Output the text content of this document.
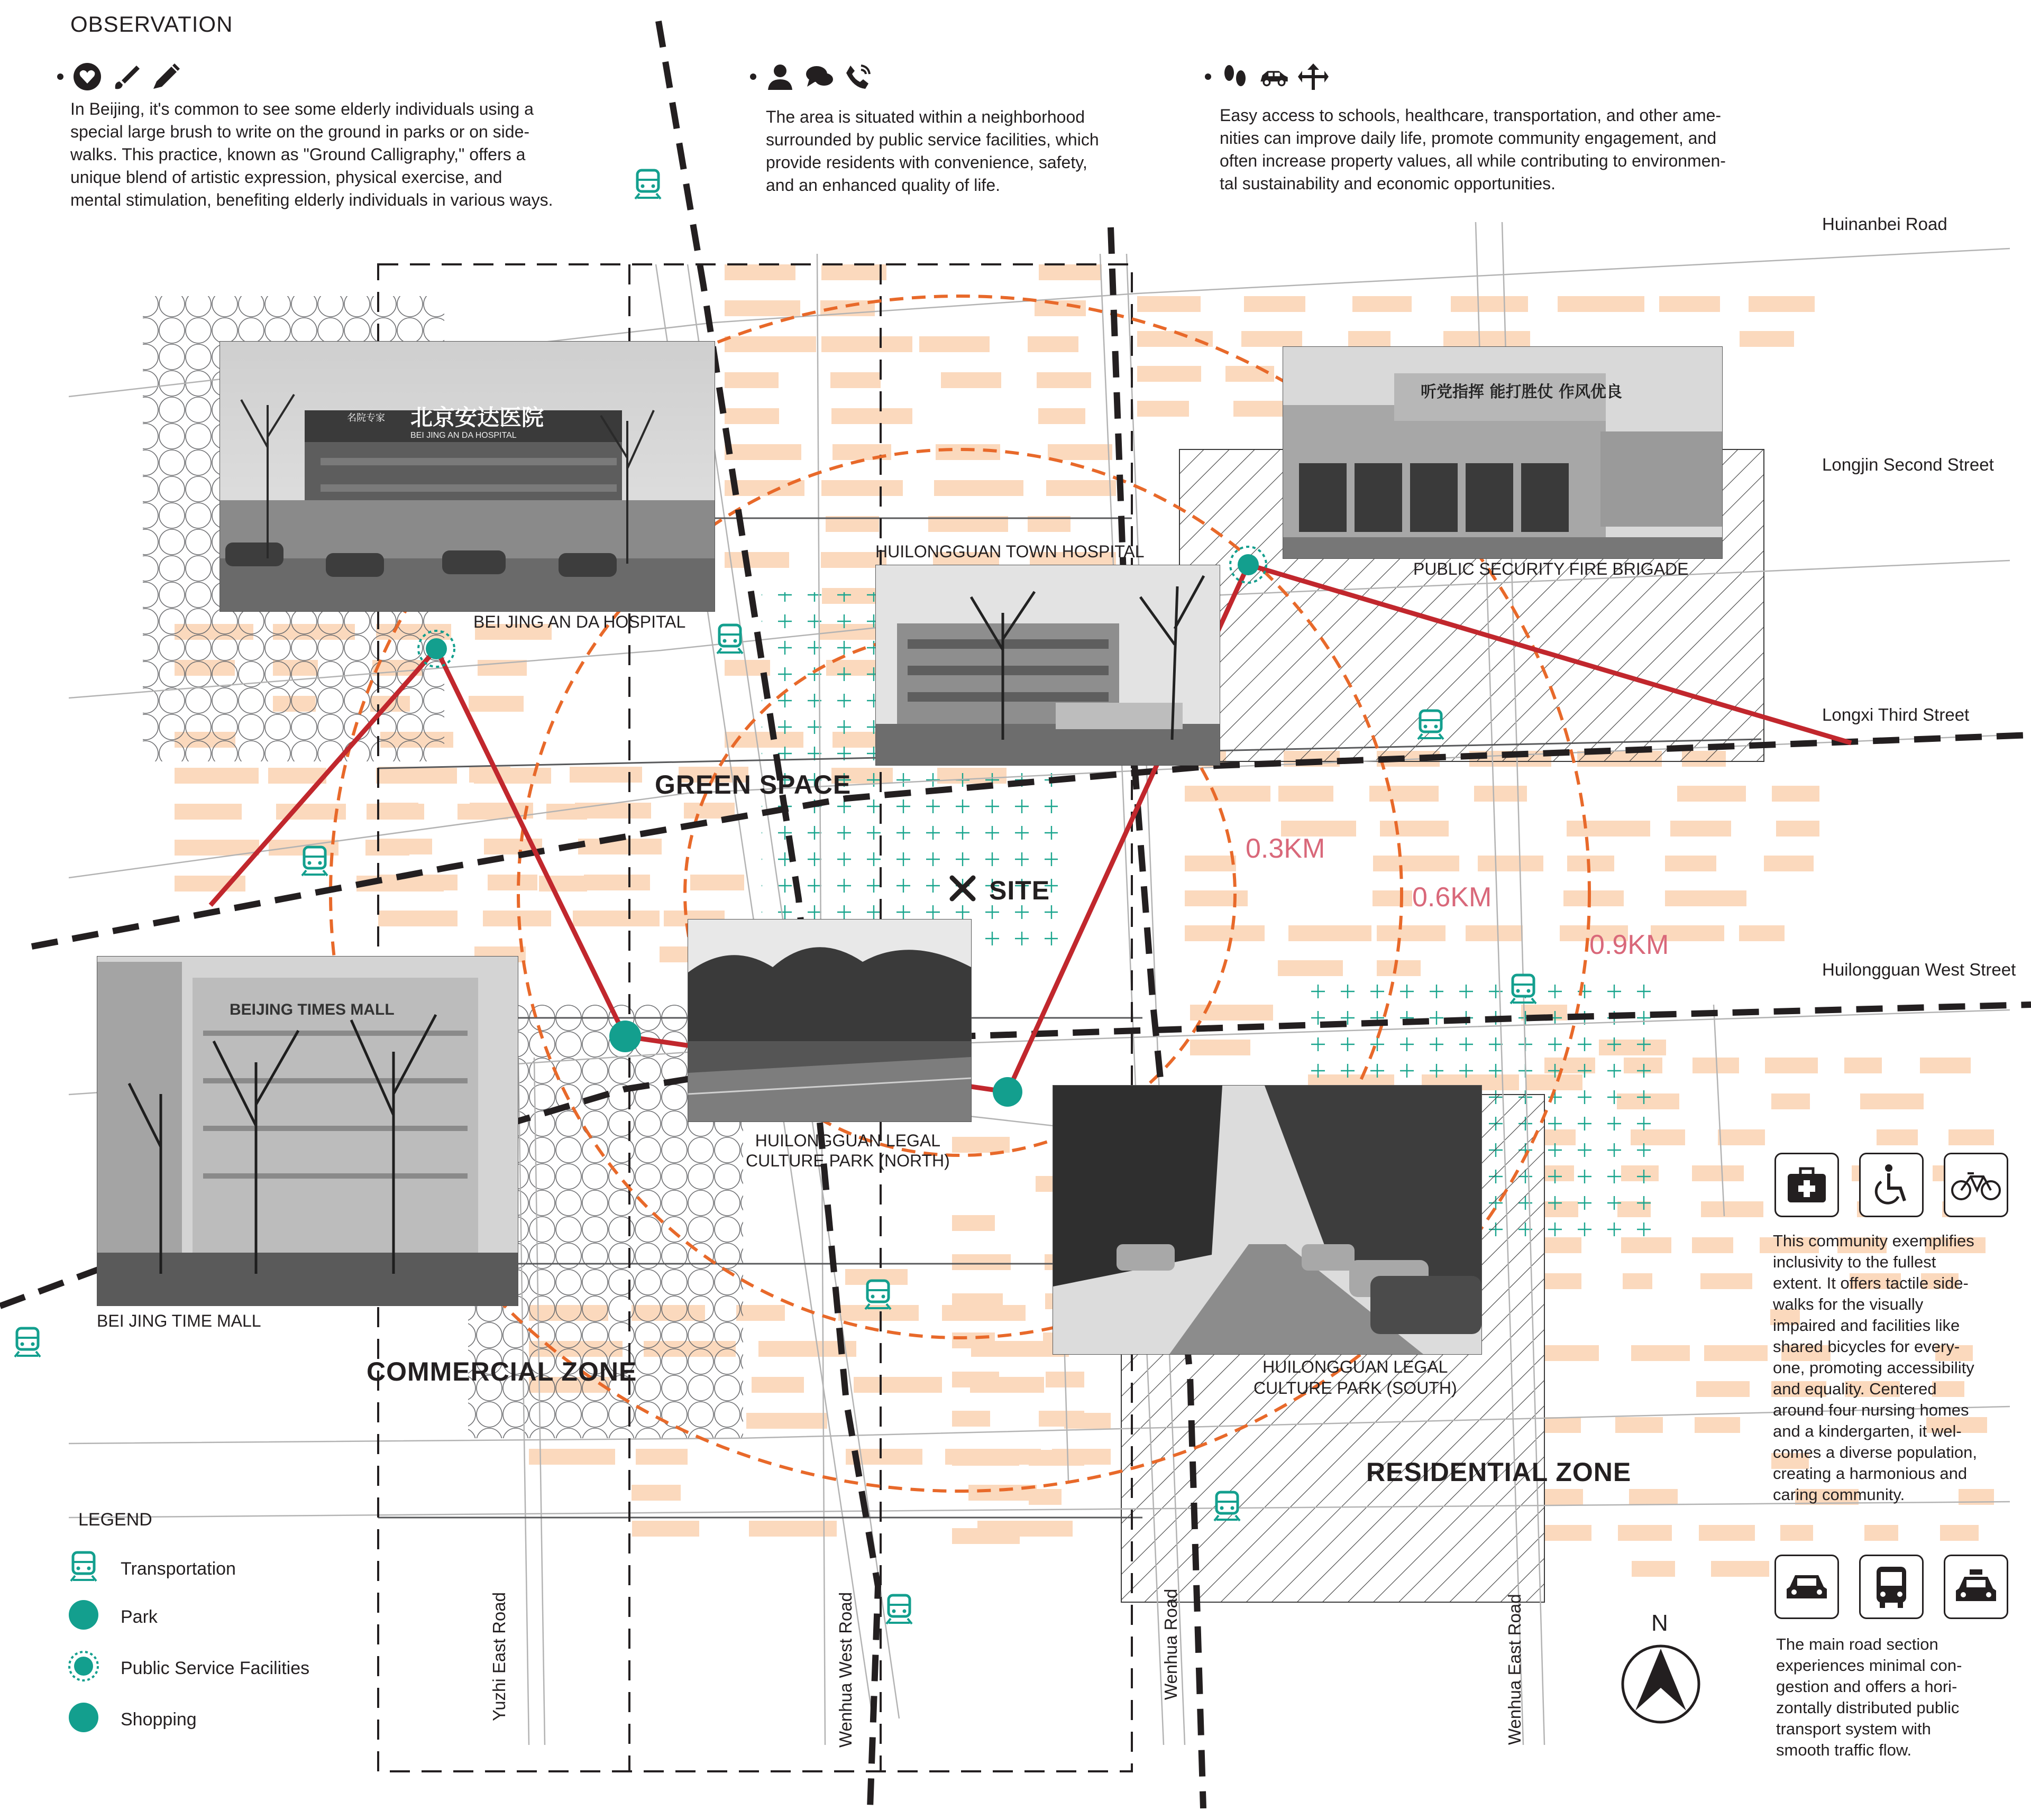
OBSERVATION
In Beijing, it's common to see some elderly individuals using a
special large brush to write on the ground in parks or on side-
walks. This practice, known as "Ground Calligraphy," offers a
unique blend of artistic expression, physical exercise, and
mental stimulation, benefiting elderly individuals in various ways.
The area is situated within a neighborhood
surrounded by public service facilities, which
provide residents with convenience, safety,
and an enhanced quality of life.
Easy access to schools, healthcare, transportation, and other ame-
nities can improve daily life, promote community engagement, and
often increase property values, all while contributing to environmen-
tal sustainability and economic opportunities.
Huinanbei Road
Longjin Second Street
Longxi Third Street
Huilongguan West Street
Yuzhi East Road	Wenhua West Road	Wenhua Road	Wenhua East Road
北京安达医院
名院专家
BEI JING AN DA HOSPITAL
BEI JING AN DA HOSPITAL
HUILONGGUAN TOWN HOSPITAL
听党指挥 能打胜仗 作风优良
PUBLIC SECURITY FIRE BRIGADE
BEIJING TIMES MALL
BEI JING TIME MALL
HUILONGGUAN LEGAL
CULTURE PARK (NORTH)
HUILONGGUAN LEGAL
CULTURE PARK (SOUTH)
GREEN SPACE
COMMERCIAL ZONE
RESIDENTIAL ZONE
SITE
0.3KM
0.6KM
0.9KM
LEGEND
Transportation
Park
Public Service Facilities
Shopping
This community exemplifies
inclusivity to the fullest
extent. It offers tactile side-
walks for the visually
impaired and facilities like
shared bicycles for every-
one, promoting accessibility
and equality. Centered
around four nursing homes
and a kindergarten, it wel-
comes a diverse population,
creating a harmonious and
caring community.
The main road section
experiences minimal con-
gestion and offers a hori-
zontally distributed public
transport system with
smooth traffic flow.
N
